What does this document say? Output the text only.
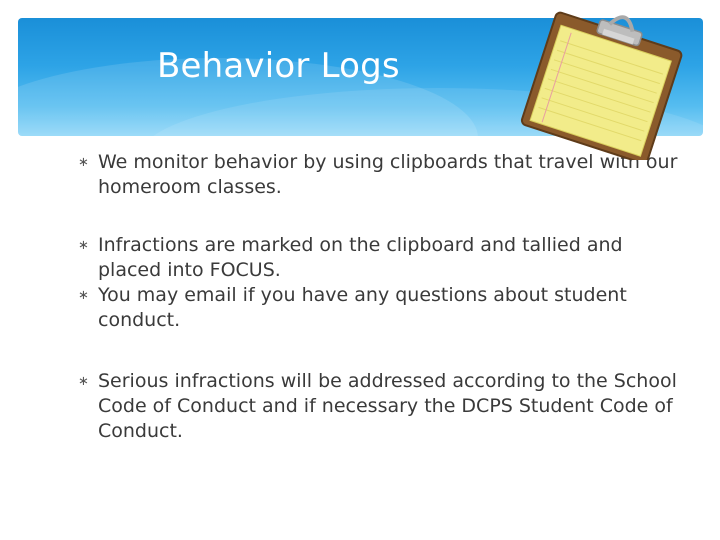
Behavior Logs
∗ We monitor behavior by using clipboards that travel with our homeroom classes.
∗ Infractions are marked on the clipboard and tallied and placed into FOCUS.
∗ You may email if you have any questions about student conduct.
∗ Serious infractions will be addressed according to the School Code of Conduct and if necessary the DCPS Student Code of Conduct.
